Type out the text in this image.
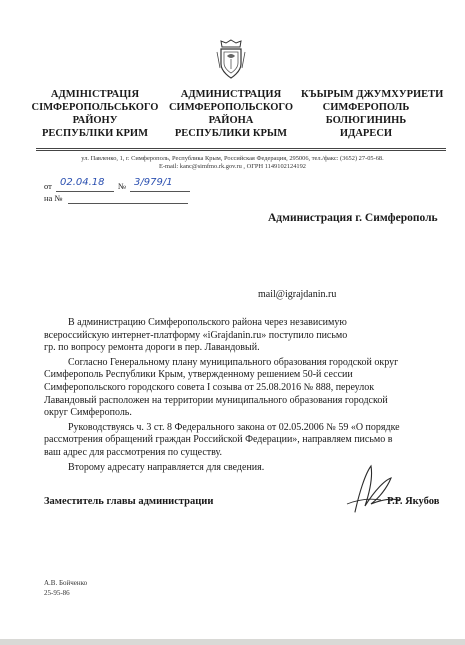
АДМІНІСТРАЦІЯ
СІМФЕРОПОЛЬСЬКОГО
РАЙОНУ
РЕСПУБЛІКИ КРИМ
АДМИНИСТРАЦИЯ
СИМФЕРОПОЛЬСКОГО
РАЙОНА
РЕСПУБЛИКИ КРЫМ
КЪЫРЫМ ДЖУМХУРИЕТИ
СИМФЕРОПОЛЬ
БОЛЮГИНИНЬ
ИДАРЕСИ
ул. Павленко, 1, г. Симферополь, Республика Крым, Российская Федерация, 295006, тел./факс: (3652) 27-05-68.
E-mail: kanc@simfmo.rk.gov.ru , ОГРН 1149102124192
от 02.04.18 № 3/979/1
на №
Администрация г. Симферополь
mail@igrajdanin.ru
В администрацию Симферопольского района через независимую
всероссийскую интернет-платформу «iGrajdanin.ru» поступило письмо
гр. по вопросу ремонта дороги в пер. Лавандовый.
Согласно Генеральному плану муниципального образования городской округ
Симферополь Республики Крым, утвержденному решением 50-й сессии
Симферопольского городского совета I созыва от 25.08.2016 № 888, переулок
Лавандовый расположен на территории муниципального образования городской
округ Симферополь.
Руководствуясь ч. 3 ст. 8 Федерального закона от 02.05.2006 № 59 «О порядке
рассмотрения обращений граждан Российской Федерации», направляем письмо в
ваш адрес для рассмотрения по существу.
Второму адресату направляется для сведения.
Заместитель главы администрации	Р.Р. Якубов
А.В. Бойченко
25-95-86
